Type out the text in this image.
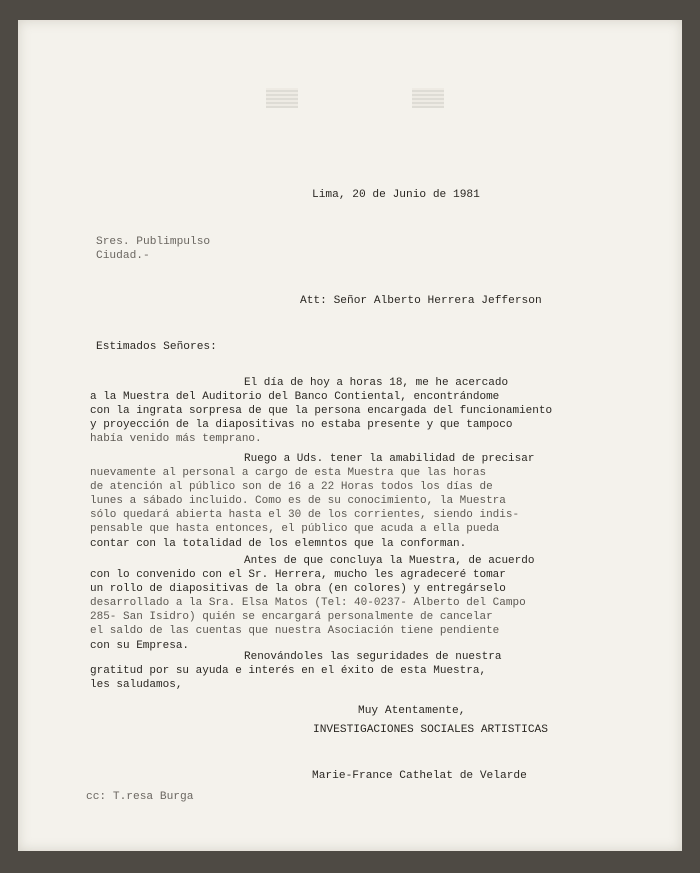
Lima, 20 de Junio de 1981
Sres. Publimpulso
Ciudad.-
Att: Señor Alberto Herrera Jefferson
Estimados Señores:
El día de hoy a horas 18, me he acercado
a la Muestra del Auditorio del Banco Contiental, encontrándome
con la ingrata sorpresa de que la persona encargada del funcionamiento
y proyección de la diapositivas no estaba presente y que tampoco
había venido más temprano.
Ruego a Uds. tener la amabilidad de precisar
nuevamente al personal a cargo de esta Muestra que las horas
de atención al público son de 16 a 22 Horas todos los días de
lunes a sábado incluido. Como es de su conocimiento, la Muestra
sólo quedará abierta hasta el 30 de los corrientes, siendo indis-
pensable que hasta entonces, el público que acuda a ella pueda
contar con la totalidad de los elemntos que la conforman.
Antes de que concluya la Muestra, de acuerdo
con lo convenido con el Sr. Herrera, mucho les agradeceré tomar
un rollo de diapositivas de la obra (en colores) y entregárselo
desarrollado a la Sra. Elsa Matos (Tel: 40-0237- Alberto del Campo
285- San Isidro) quién se encargará personalmente de cancelar
el saldo de las cuentas que nuestra Asociación tiene pendiente
con su Empresa.
Renovándoles las seguridades de nuestra
gratitud por su ayuda e interés en el éxito de esta Muestra,
les saludamos,
Muy Atentamente,
INVESTIGACIONES SOCIALES ARTISTICAS
Marie-France Cathelat de Velarde
cc: T.resa Burga
